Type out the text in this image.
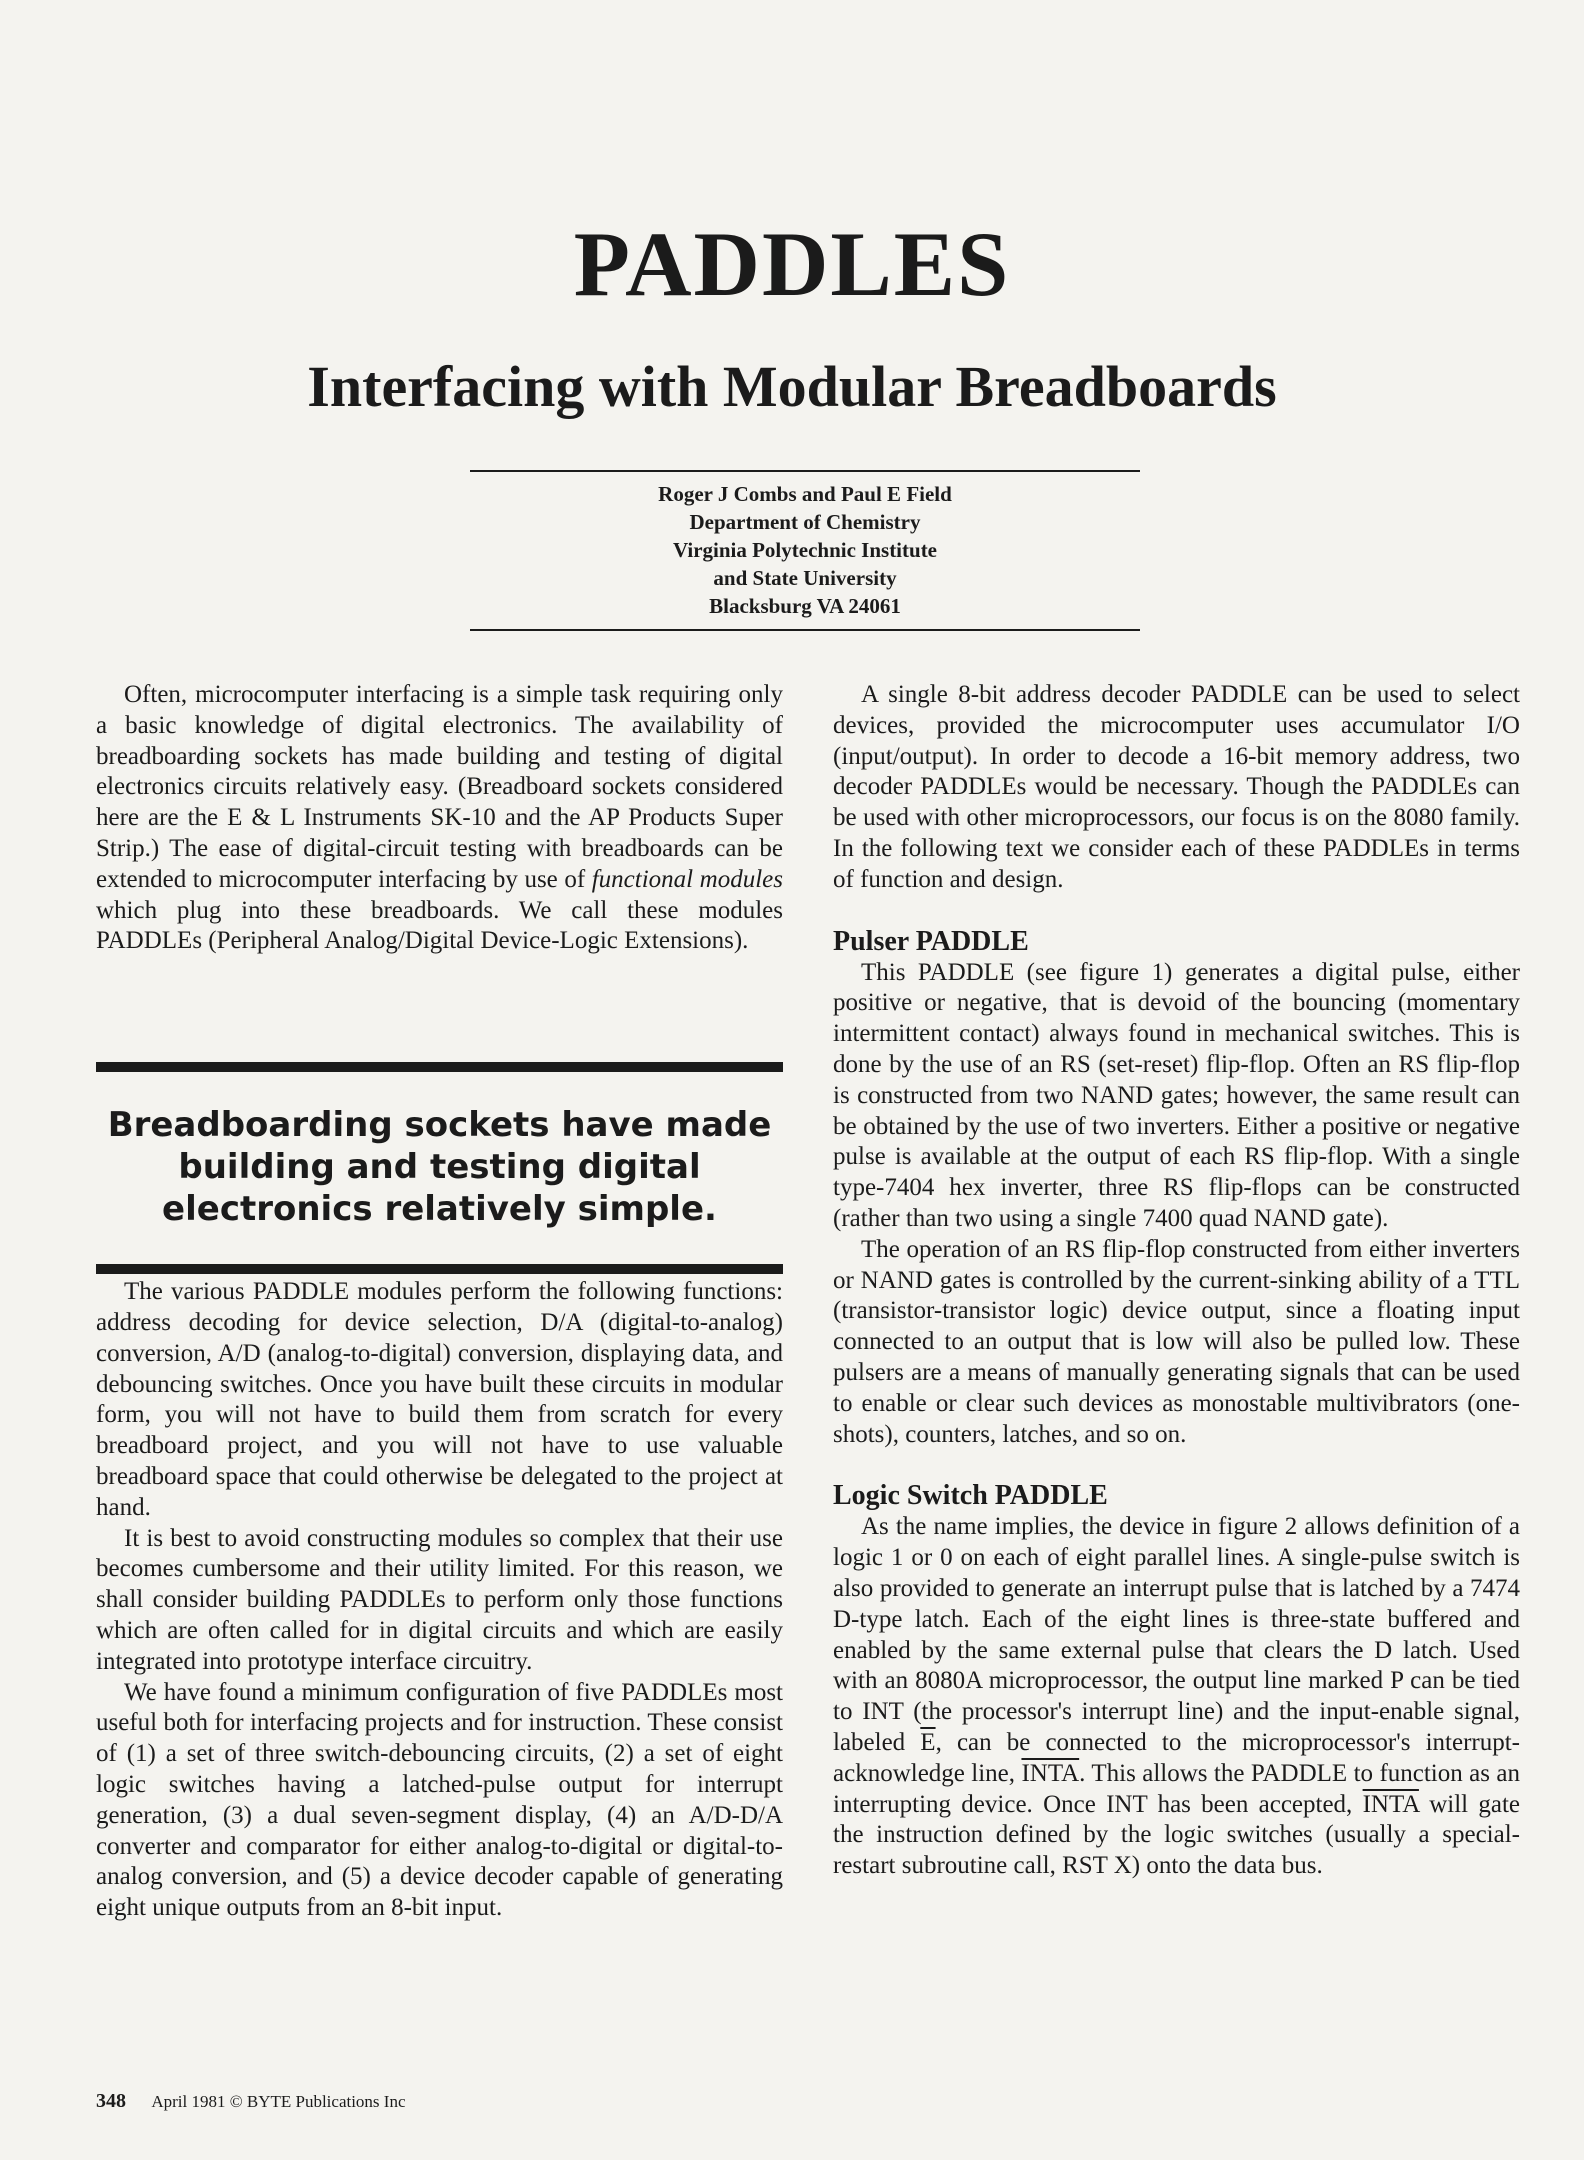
PADDLES
Interfacing with Modular Breadboards
Roger J Combs and Paul E Field
Department of Chemistry
Virginia Polytechnic Institute
and State University
Blacksburg VA 24061

Often, microcomputer interfacing is a simple task requiring only a basic knowledge of digital electronics. The availability of breadboarding sockets has made building and testing of digital electronics circuits relatively easy. (Breadboard sockets considered here are the E & L Instruments SK-10 and the AP Products Super Strip.) The ease of digital-circuit testing with breadboards can be extended to microcomputer interfacing by use of functional modules which plug into these breadboards. We call these modules PADDLEs (Peripheral Analog/Digital Device-Logic Extensions).

The various PADDLE modules perform the following functions: address decoding for device selection, D/A (digital-to-analog) conversion, A/D (analog-to-digital) conversion, displaying data, and debouncing switches. Once you have built these circuits in modular form, you will not have to build them from scratch for every breadboard project, and you will not have to use valuable breadboard space that could otherwise be delegated to the project at hand.

It is best to avoid constructing modules so complex that their use becomes cumbersome and their utility limited. For this reason, we shall consider building PADDLEs to perform only those functions which are often called for in digital circuits and which are easily integrated into prototype interface circuitry.

We have found a minimum configuration of five PADDLEs most useful both for interfacing projects and for instruction. These consist of (1) a set of three switch-debouncing circuits, (2) a set of eight logic switches having a latched-pulse output for interrupt generation, (3) a dual seven-segment display, (4) an A/D-D/A converter and comparator for either analog-to-digital or digital-to-analog conversion, and (5) a device decoder capable of generating eight unique outputs from an 8-bit input.

Breadboarding sockets have made building and testing digital electronics relatively simple.

A single 8-bit address decoder PADDLE can be used to select devices, provided the microcomputer uses accumulator I/O (input/output). In order to decode a 16-bit memory address, two decoder PADDLEs would be necessary. Though the PADDLEs can be used with other microprocessors, our focus is on the 8080 family. In the following text we consider each of these PADDLEs in terms of function and design.

Pulser PADDLE

This PADDLE (see figure 1) generates a digital pulse, either positive or negative, that is devoid of the bouncing (momentary intermittent contact) always found in mechanical switches. This is done by the use of an RS (set-reset) flip-flop. Often an RS flip-flop is constructed from two NAND gates; however, the same result can be obtained by the use of two inverters. Either a positive or negative pulse is available at the output of each RS flip-flop. With a single type-7404 hex inverter, three RS flip-flops can be constructed (rather than two using a single 7400 quad NAND gate).

The operation of an RS flip-flop constructed from either inverters or NAND gates is controlled by the current-sinking ability of a TTL (transistor-transistor logic) device output, since a floating input connected to an output that is low will also be pulled low. These pulsers are a means of manually generating signals that can be used to enable or clear such devices as monostable multivibrators (one-shots), counters, latches, and so on.

Logic Switch PADDLE

As the name implies, the device in figure 2 allows definition of a logic 1 or 0 on each of eight parallel lines. A single-pulse switch is also provided to generate an interrupt pulse that is latched by a 7474 D-type latch. Each of the eight lines is three-state buffered and enabled by the same external pulse that clears the D latch. Used with an 8080A microprocessor, the output line marked P can be tied to INT (the processor's interrupt line) and the input-enable signal, labeled $\overline{E}$, can be connected to the microprocessor's interrupt-acknowledge line, INTA. This allows the PADDLE to function as an interrupting device. Once INT has been accepted, INTA will gate the instruction defined by the logic switches (usually a special-restart subroutine call, RST X) onto the data bus.

348 April 1981 © BYTE Publications Inc
